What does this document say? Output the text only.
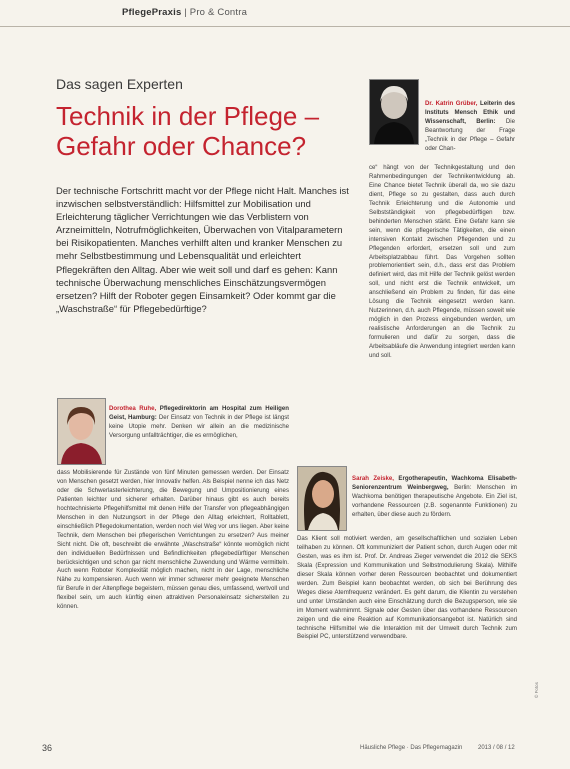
PflegePraxis | Pro & Contra
Das sagen Experten
Technik in der Pflege – Gefahr oder Chance?
Der technische Fortschritt macht vor der Pflege nicht Halt. Manches ist inzwischen selbstverständlich: Hilfsmittel zur Mobilisation und Erleichterung täglicher Verrichtungen wie das Verblistern von Arzneimitteln, Notrufmöglichkeiten, Überwachen von Vitalparametern bei Risikopatienten. Manches verhilft alten und kranker Menschen zu mehr Selbstbestimmung und Lebensqualität und erleichtert Pflegekräften den Alltag. Aber wie weit soll und darf es gehen: Kann technische Überwachung menschliches Einschätzungsvermögen ersetzen? Hilft der Roboter gegen Einsamkeit? Oder kommt gar die „Waschstraße“ für Pflegebedürftige?
Dr. Katrin Grüber, Leiterin des Instituts Mensch Ethik und Wissenschaft, Berlin: Die Beantwortung der Frage „Technik in der Pflege – Gefahr oder Chan-
ce“ hängt von der Technikgestaltung und den Rahmenbedingungen der Technikentwicklung ab. Eine Chance bietet Technik überall da, wo sie dazu dient, Pflege so zu gestalten, dass auch durch Technik Erleichterung und die Autonomie und Selbstständigkeit von pflegebedürftigen bzw. behinderten Menschen stärkt. Eine Gefahr kann sie sein, wenn die pflegerische Tätigkeiten, die einen intensiven Kontakt zwischen Pflegenden und zu Pflegenden erfordert, ersetzen soll und zum Arbeitsplatzabbau führt. Das Vorgehen sollten problemorientiert sein, d.h., dass erst das Problem definiert wird, das mit Hilfe der Technik gelöst werden soll, und nicht erst die Technik entwickelt, um anschließend ein Problem zu finden, für das eine Lösung die Technik eingesetzt werden kann. Nutzerinnen, d.h. auch Pflegende, müssen soweit wie möglich in den Prozess eingebunden werden, um realistische Anforderungen an die Technik zu formulieren und dafür zu sorgen, dass die Arbeitsabläufe die Anwendung integriert werden kann und soll.
Dorothea Ruhe, Pflegedirektorin am Hospital zum Heiligen Geist, Hamburg: Der Einsatz von Technik in der Pflege ist längst keine Utopie mehr. Denken wir allein an die medizinische Versorgung unfallträchtiger, die es ermöglichen,
dass Mobilisierende für Zustände von fünf Minuten gemessen werden. Der Einsatz von Menschen gesetzt werden, hier Innovativ helfen. Als Beispiel nenne ich das Netz oder die Schwerlasterleichterung, die Bewegung und Umpositionierung eines Patienten leichter und sicherer erhalten. Darüber hinaus gibt es auch bereits hochtechnisierte Pflegehilfsmittel mit denen Hilfe der Transfer von pflegeabhängigen Menschen in den Nutzungsort in der Pflege den Alltag erleichtert, Rolltablett, einschließlich Pflegedokumentation, werden noch viel Weg vor uns liegen. Aber keine Technik, dem Menschen bei pflegerischen Verrichtungen zu ersetzen? Aus meiner Sicht nicht. Die oft, beschreibt die erwähnte „Waschstraße“ könnte womöglich nicht den individuellen Bedürfnissen und Befindlichkeiten pflegebedürftiger Menschen berücksichtigen und schon gar nicht menschliche Zuwendung und Wärme vermitteln. Auch wenn Roboter Komplexität möglich machen, nicht in der Lage, menschliche Nähe zu kompensieren. Auch wenn wir immer schwerer mehr geeignete Menschen für Berufe in der Altenpflege begeistern, müssen genau dies, umfassend, wertvoll und flexibel sein, um auch künftig einen attraktiven Personaleinsatz sicherstellen zu können.
Sarah Zeiske, Ergotherapeutin, Wachkoma Elisabeth-Seniorenzentrum Weinbergweg, Berlin: Menschen im Wachkoma benötigen therapeutische Angebote. Ein Ziel ist, vorhandene Ressourcen (z.B. sogenannte Funktionen) zu erhalten, über diese auch zu fördern.
Das Klient soll motiviert werden, am gesellschaftlichen und sozialen Leben teilhaben zu können. Oft kommuniziert der Patient schon, durch Augen oder mit Gesten, was es ihm ist. Prof. Dr. Andreas Zieger verwendet die 2012 die SEKS Skala (Expression und Kommunikation und Selbstmodulierung Skala). Mithilfe dieser Skala können vorher deren Ressourcen beobachtet und dokumentiert werden. Zum Beispiel kann beobachtet werden, ob sich bei Berührung des Weges diese Atemfrequenz verändert. Es geht darum, die Klientin zu verstehen und unter Umständen auch eine Einschätzung durch die Bezugsperson, wie sie im Moment wahrnimmt. Signale oder Gesten über das vorhandene Ressourcen zeigen und die eine Reaktion auf Kommunikationsangebot ist. Natürlich sind technische Hilfsmittel wie die Interaktion mit der Umwelt durch Technik zum Beispiel PC, unterstützend verwendbare.
© Fotos
36	Häusliche Pflege · Das Pflegemagazin	2013 / 08 / 12
